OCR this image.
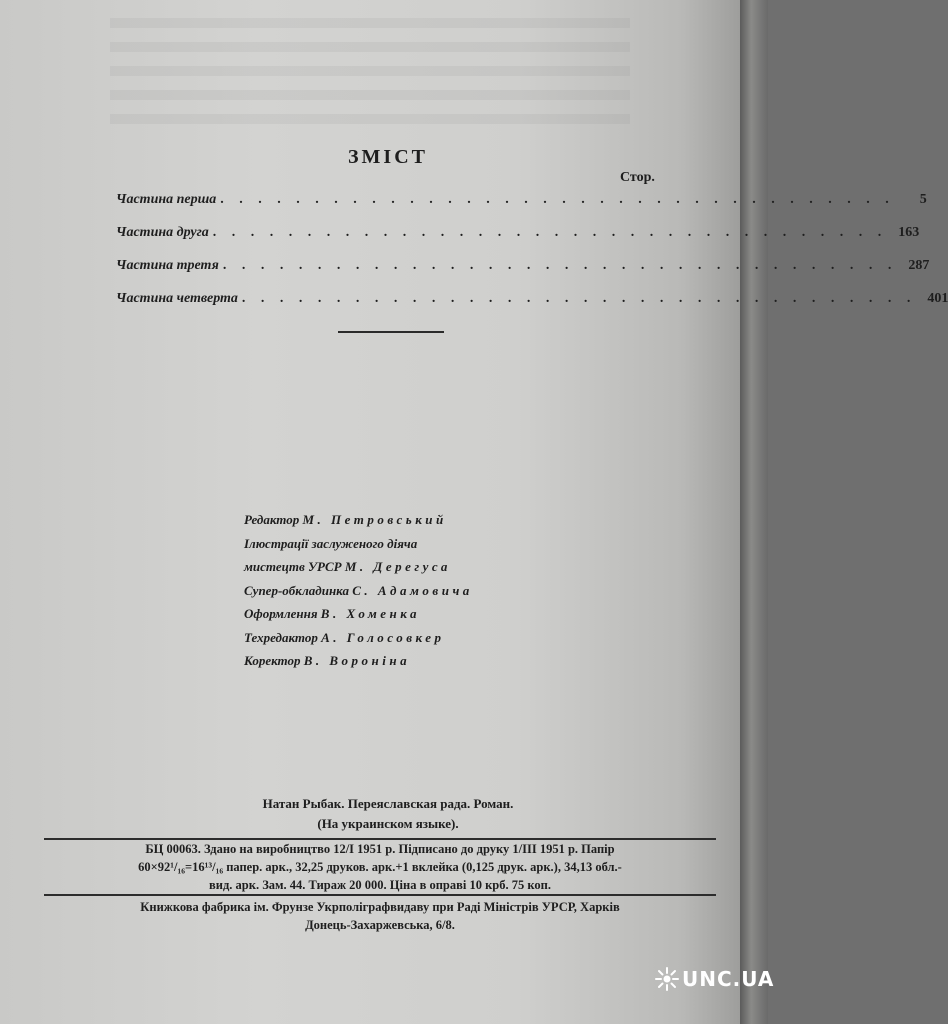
ЗМІСТ
Стор.
Частина перша . . . . . . . . . . . . . . . . . . . . . . . . . . . . . . . . . . . .	5
Частина друга . . . . . . . . . . . . . . . . . . . . . . . . . . . . . . . . . . . . 163
Частина третя . . . . . . . . . . . . . . . . . . . . . . . . . . . . . . . . . . . . 287
Частина четверта . . . . . . . . . . . . . . . . . . . . . . . . . . . . . . . . . . . . 401
Редактор М. Петровський
Ілюстрації заслуженого діяча
мистецтв УРСР М. Дерегуса
Супер-обкладинка С. Адамовича
Оформлення В. Хоменка
Техредактор А. Голосовкер
Коректор В. Вороніна
Натан Рыбак. Переяславская рада. Роман.
(На украинском языке).
БЦ 00063. Здано на виробництво 12/І 1951 р. Підписано до друку 1/ІІІ 1951 р. Папір
60×92¹/₁₆=16¹³/₁₆ папер. арк., 32,25 друков. арк.+1 вклейка (0,125 друк. арк.), 34,13 обл.-
вид. арк. Зам. 44. Тираж 20 000. Ціна в оправі 10 крб. 75 коп.
Книжкова фабрика ім. Фрунзе Укрполіграфвидаву при Раді Міністрів УРСР, Харків
Донець-Захаржевська, 6/8.
UNC.UA
